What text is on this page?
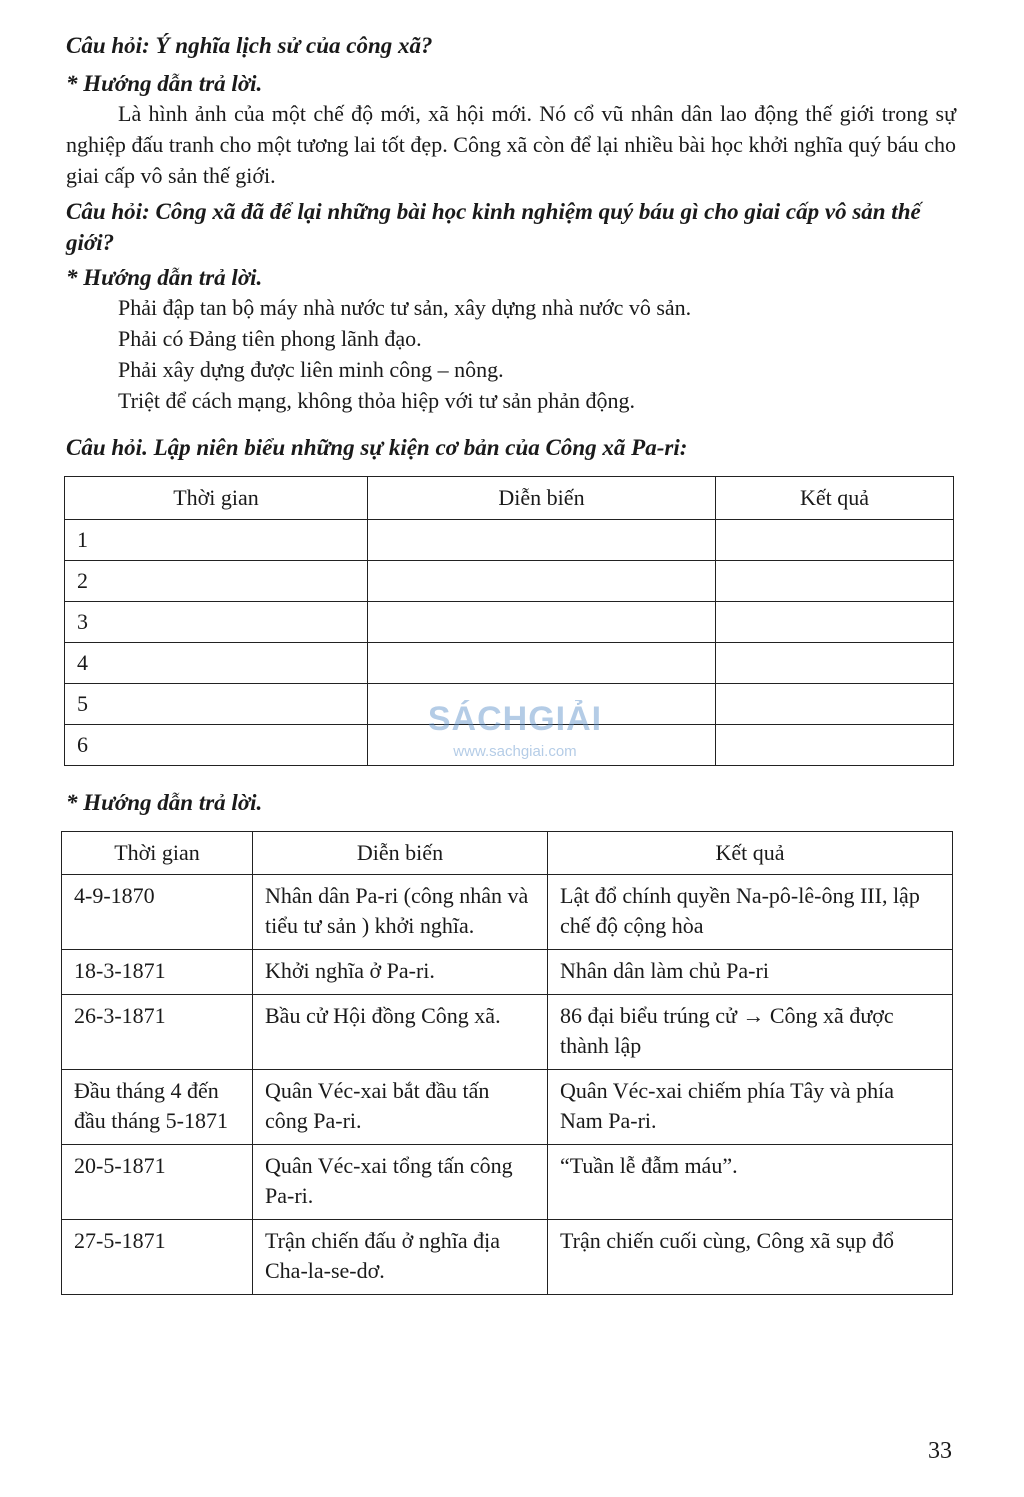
Câu hỏi: Ý nghĩa lịch sử của công xã?
* Hướng dẫn trả lời.
Là hình ảnh của một chế độ mới, xã hội mới. Nó cổ vũ nhân dân lao động thế giới trong sự nghiệp đấu tranh cho một tương lai tốt đẹp. Công xã còn để lại nhiều bài học khởi nghĩa quý báu cho giai cấp vô sản thế giới.
Câu hỏi: Công xã đã để lại những bài học kinh nghiệm quý báu gì cho giai cấp vô sản thế giới?
* Hướng dẫn trả lời.
Phải đập tan bộ máy nhà nước tư sản, xây dựng nhà nước vô sản.
Phải có Đảng tiên phong lãnh đạo.
Phải xây dựng được liên minh công – nông.
Triệt để cách mạng, không thỏa hiệp với tư sản phản động.
Câu hỏi. Lập niên biểu những sự kiện cơ bản của Công xã Pa-ri:
Thời gian	Diễn biến	Kết quả
1		
2		
3		
4		
5		
6		
SÁCHGIẢI
www.sachgiai.com
* Hướng dẫn trả lời.
Thời gian	Diễn biến	Kết quả
4-9-1870	Nhân dân Pa-ri (công nhân và tiểu tư sản ) khởi nghĩa.	Lật đổ chính quyền Na-pô-lê-ông III, lập chế độ cộng hòa
18-3-1871	Khởi nghĩa ở Pa-ri.	Nhân dân làm chủ Pa-ri
26-3-1871	Bầu cử Hội đồng Công xã.	86 đại biểu trúng cử → Công xã được thành lập
Đầu tháng 4 đến đầu tháng 5-1871	Quân Véc-xai bắt đầu tấn công Pa-ri.	Quân Véc-xai chiếm phía Tây và phía Nam Pa-ri.
20-5-1871	Quân Véc-xai tổng tấn công Pa-ri.	“Tuần lễ đẫm máu”.
27-5-1871	Trận chiến đấu ở nghĩa địa Cha-la-se-dơ.	Trận chiến cuối cùng, Công xã sụp đổ
33
